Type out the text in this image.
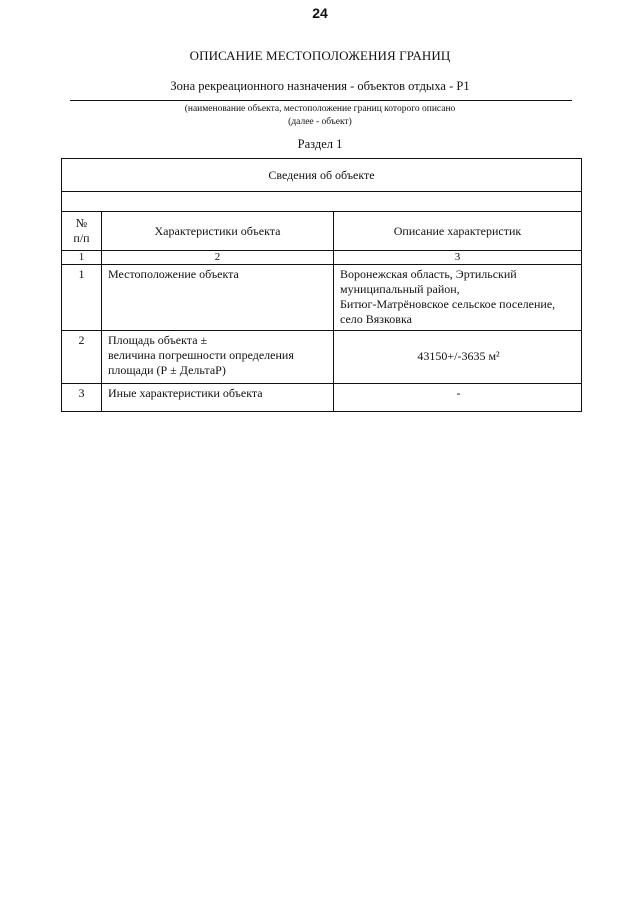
24
ОПИСАНИЕ МЕСТОПОЛОЖЕНИЯ ГРАНИЦ
Зона рекреационного назначения - объектов отдыха - Р1
(наименование объекта, местоположение границ которого описано
(далее - объект)
Раздел 1
Сведения об объекте		

№
п/п	Характеристики объекта	Описание характеристик
1	2	3
1	Местоположение объекта	Воронежская область, Эртильский
муниципальный район,
Битюг-Матрёновское сельское поселение,
село Вязковка

2	Площадь объекта ±
величина погрешности определения
площади (Р ± ДельтаР)	43150+/-3635 м²

3	Иные характеристики объекта	-
